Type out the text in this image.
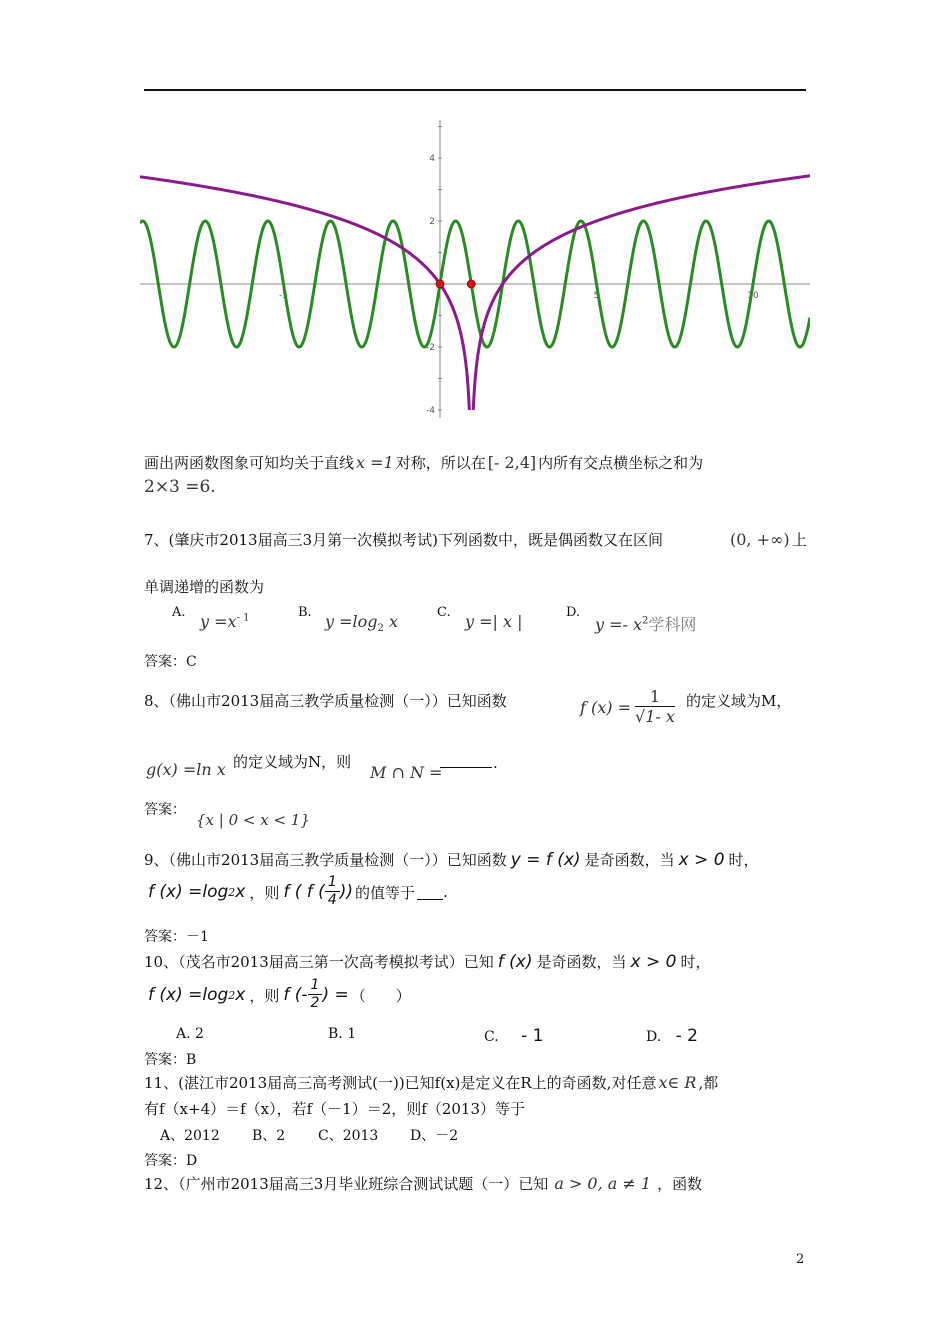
-5	5	10
4
2
-2
-4
画出两函数图象可知均关于直线 x =1 对称，所以在 [- 2,4] 内所有交点横坐标之和为
2×3 =6.
7、(肇庆市2013届高三3月第一次模拟考试)下列函数中，既是偶函数又在区间	(0, +∞) 上
单调递增的函数为
A. $y =x^{- 1}$	B. $y =\log_2$ x	C. y =| x |	D.
$y =- x^2$学科网
答案：C
8、（佛山市2013届高三教学质量检测（一））已知函数	f $(x) = \frac{1}{√1- x}$ 的定义域为M，
g(x) =ln x 的定义域为N，则
M ∩ N =	.
答案：
{x | 0 < x < 1}
9、（佛山市2013届高三教学质量检测（一））已知函数 y = f (x) 是奇函数，当 x > 0 时，
f (x) =log 2 x ，则 f ( f ( $\frac{1}{4}$ )) 的值等于 .
答案：－1
10、（茂名市2013届高三第一次高考模拟考试）已知 f (x) 是奇函数，当 x > 0 时，
f (x) =log 2 x ，则 f (- $\frac{1}{2}$ ) = （　　）
A. 2	B. 1	C. - 1	D. - 2
答案：B
11、(湛江市2013届高三高考测试(一))已知f(x)是定义在R上的奇函数,对任意 x∈ R ,都
有f（x+4）＝f（x），若f（－1）＝2，则f（2013）等于
A、2012 B、2 C、2013 D、－2
答案：D
12、（广州市2013届高三3月毕业班综合测试试题（一）已知 a > 0, a ≠ 1 ，函数
2
